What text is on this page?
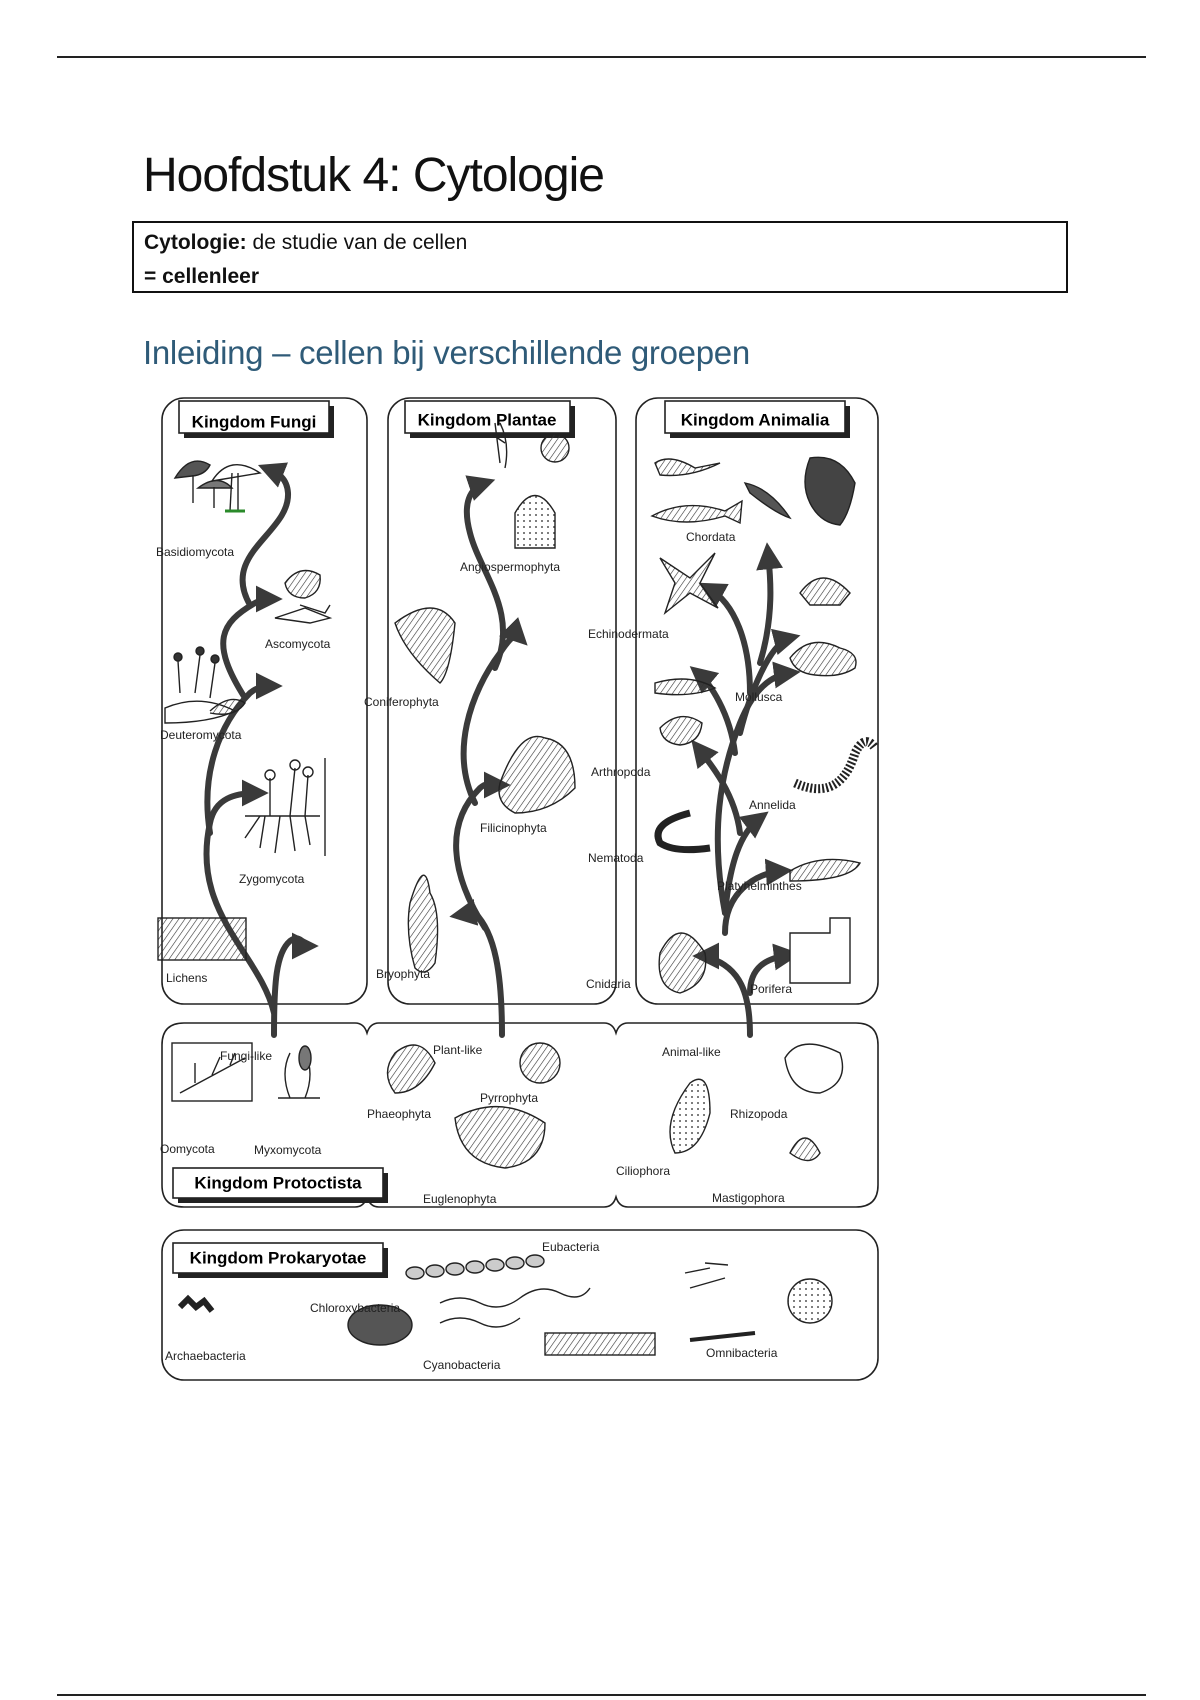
Hoofdstuk 4: Cytologie
Cytologie: de studie van de cellen
= cellenleer
Inleiding – cellen bij verschillende groepen
Kingdom Fungi	Kingdom Plantae	Kingdom Animalia
Kingdom Protoctista
Kingdom Prokaryotae
Basidiomycota
Ascomycota
Deuteromycota
Zygomycota
Lichens
Angiospermophyta
Coniferophyta
Filicinophyta
Bryophyta
Chordata
Echinodermata
Mollusca
Arthropoda
Annelida
Nematoda
Platyhelminthes
Cnidaria	Porifera
Fungi-like	Plant-like	Animal-like
Oomycota	Myxomycota
Phaeophyta
Pyrrophyta
Euglenophyta
Ciliophora
Rhizopoda
Mastigophora
Eubacteria
Chloroxybacteria
Archaebacteria
Cyanobacteria
Omnibacteria
